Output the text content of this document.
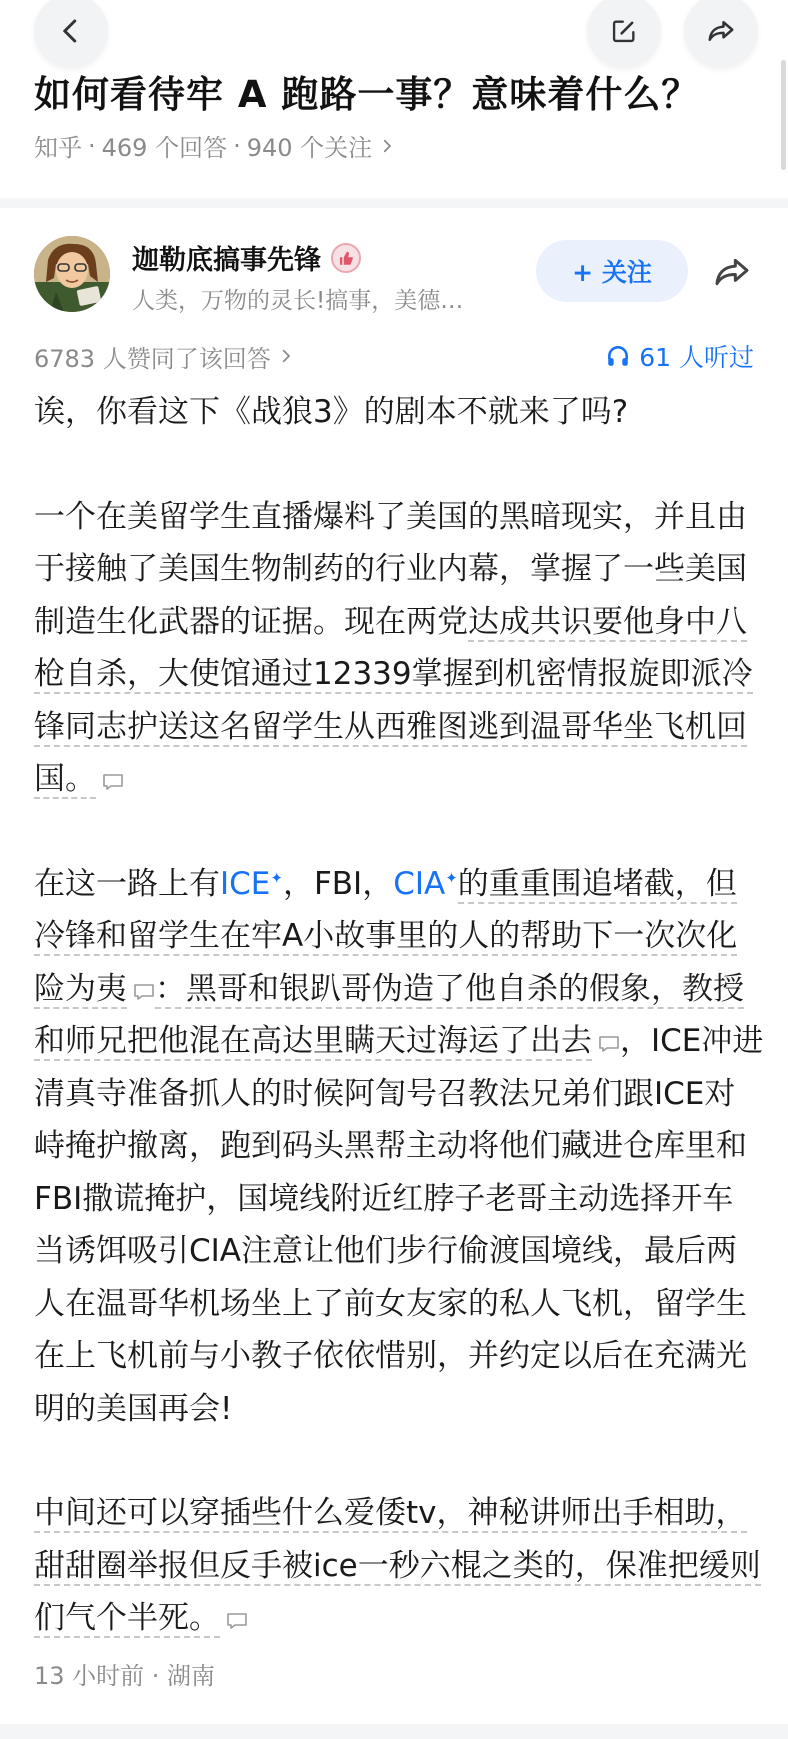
如何看待牢 A 跑路一事？意味着什么？
知乎 · 469 个回答 · 940 个关注
迦勒底搞事先锋
人类，万物的灵长!搞事，美德…
+ 关注
6783 人赞同了该回答	61 人听过

诶，你看这下《战狼3》的剧本不就来了吗?

一个在美留学生直播爆料了美国的黑暗现实，并且由于接触了美国生物制药的行业内幕，掌握了一些美国制造生化武器的证据。现在两党达成共识要他身中八枪自杀，大使馆通过12339掌握到机密情报旋即派冷锋同志护送这名留学生从西雅图逃到温哥华坐飞机回国。

在这一路上有ICE✦，FBI，CIA✦的重重围追堵截，但冷锋和留学生在牢A小故事里的人的帮助下一次次化险为夷 ：黑哥和银趴哥伪造了他自杀的假象，教授和师兄把他混在高达里瞒天过海运了出去 ，ICE冲进清真寺准备抓人的时候阿訇号召教法兄弟们跟ICE对峙掩护撤离，跑到码头黑帮主动将他们藏进仓库里和FBI撒谎掩护，国境线附近红脖子老哥主动选择开车当诱饵吸引CIA注意让他们步行偷渡国境线，最后两人在温哥华机场坐上了前女友家的私人飞机，留学生在上飞机前与小教子依依惜别，并约定以后在充满光明的美国再会!

中间还可以穿插些什么爱倭tv，神秘讲师出手相助，甜甜圈举报但反手被ice一秒六棍之类的，保准把缓则们气个半死。

13 小时前 · 湖南
